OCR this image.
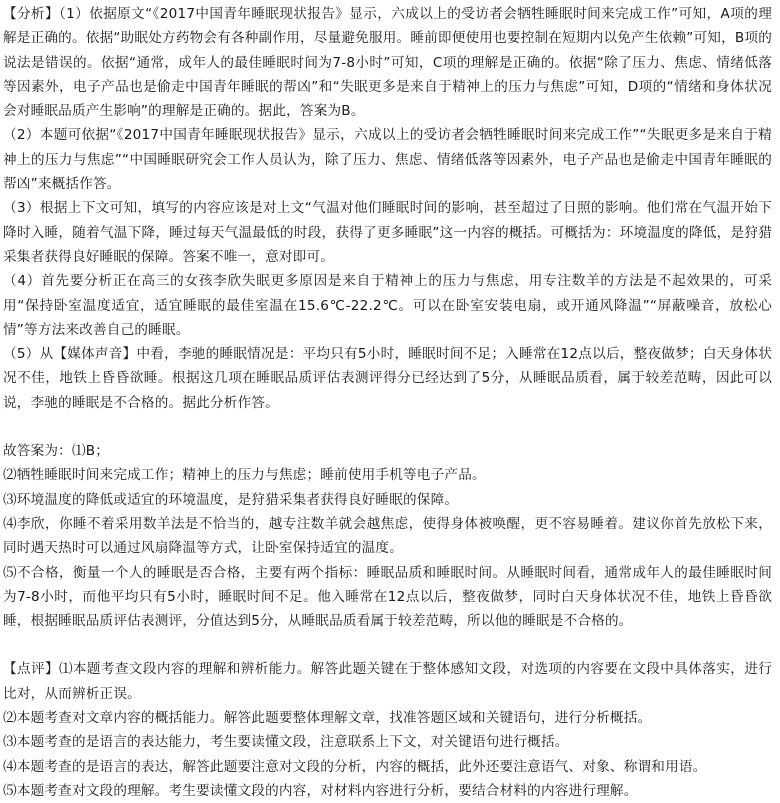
【分析】（1）依据原文“《2017中国青年睡眠现状报告》显示，六成以上的受访者会牺牲睡眠时间来完成工作”可知，A项的理解是正确的。依据“助眠处方药物会有各种副作用，尽量避免服用。睡前即便使用也要控制在短期内以免产生依赖”可知，B项的说法是错误的。依据“通常，成年人的最佳睡眠时间为7-8小时”可知，C项的理解是正确的。依据“除了压力、焦虑、情绪低落等因素外，电子产品也是偷走中国青年睡眠的帮凶”和“失眠更多是来自于精神上的压力与焦虑”可知，D项的“情绪和身体状况会对睡眠品质产生影响”的理解是正确的。据此，答案为B。

（2）本题可依据“《2017中国青年睡眠现状报告》显示，六成以上的受访者会牺牲睡眠时间来完成工作”“失眠更多是来自于精神上的压力与焦虑”“中国睡眠研究会工作人员认为，除了压力、焦虑、情绪低落等因素外，电子产品也是偷走中国青年睡眠的帮凶”来概括作答。

（3）根据上下文可知，填写的内容应该是对上文“气温对他们睡眠时间的影响，甚至超过了日照的影响。他们常在气温开始下降时入睡，随着气温下降，睡过每天气温最低的时段，获得了更多睡眠”这一内容的概括。可概括为：环境温度的降低，是狩猎采集者获得良好睡眠的保障。答案不唯一，意对即可。

（4）首先要分析正在高三的女孩李欣失眠更多原因是来自于精神上的压力与焦虑，用专注数羊的方法是不起效果的，可采用“保持卧室温度适宜，适宜睡眠的最佳室温在15.6℃-22.2℃。可以在卧室安装电扇，或开通风降温”“屏蔽噪音，放松心情”等方法来改善自己的睡眠。

（5）从【媒体声音】中看，李驰的睡眠情况是：平均只有5小时，睡眠时间不足；入睡常在12点以后，整夜做梦；白天身体状况不佳，地铁上昏昏欲睡。根据这几项在睡眠品质评估表测评得分已经达到了5分，从睡眠品质看，属于较差范畴，因此可以说，李驰的睡眠是不合格的。据此分析作答。

故答案为：⑴B；

⑵牺牲睡眠时间来完成工作；精神上的压力与焦虑；睡前使用手机等电子产品。

⑶环境温度的降低或适宜的环境温度，是狩猎采集者获得良好睡眠的保障。

⑷李欣，你睡不着采用数羊法是不恰当的，越专注数羊就会越焦虑，使得身体被唤醒，更不容易睡着。建议你首先放松下来，同时遇天热时可以通过风扇降温等方式，让卧室保持适宜的温度。

⑸不合格，衡量一个人的睡眠是否合格，主要有两个指标：睡眠品质和睡眠时间。从睡眠时间看，通常成年人的最佳睡眠时间为7-8小时，而他平均只有5小时，睡眠时间不足。他入睡常在12点以后，整夜做梦，同时白天身体状况不佳，地铁上昏昏欲睡，根据睡眠品质评估表测评，分值达到5分，从睡眠品质看属于较差范畴，所以他的睡眠是不合格的。

【点评】⑴本题考查文段内容的理解和辨析能力。解答此题关键在于整体感知文段，对选项的内容要在文段中具体落实，进行比对，从而辨析正误。

⑵本题考查对文章内容的概括能力。解答此题要整体理解文章，找准答题区域和关键语句，进行分析概括。

⑶本题考查的是语言的表达能力，考生要读懂文段，注意联系上下文，对关键语句进行概括。

⑷本题考查的是语言的表达，解答此题要注意对文段的分析，内容的概括，此外还要注意语气、对象、称谓和用语。

⑸本题考查对文段的理解。考生要读懂文段的内容，对材料内容进行分析，要结合材料的内容进行理解。
